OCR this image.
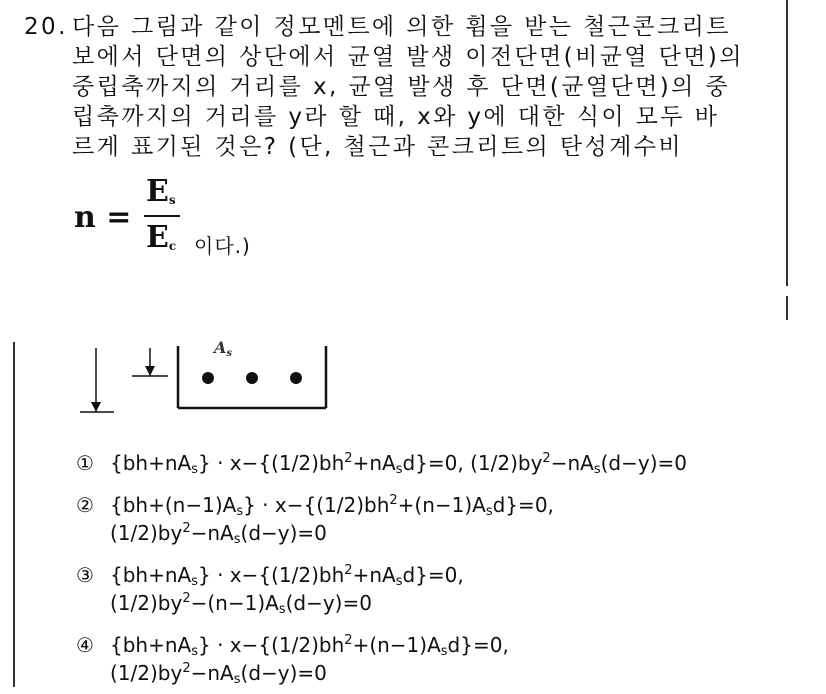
20. 다음 그림과 같이 정모멘트에 의한 휨을 받는 철근콘크리트
보에서 단면의 상단에서 균열 발생 이전단면(비균열 단면)의
중립축까지의 거리를 x, 균열 발생 후 단면(균열단면)의 중
립축까지의 거리를 y라 할 때, x와 y에 대한 식이 모두 바
르게 표기된 것은? (단, 철근과 콘크리트의 탄성계수비
n =
$E_s$
$E_c$ 이다.)
$A_s$
① $\{bh+nA_s\} \cdot x-\{(1/2)bh^2+nA_sd\}=0$, $(1/2)by^2-nA_s(d-y)=0$
② $\{bh+(n-1)A_s\} \cdot x-\{(1/2)bh^2+(n-1)A_sd\}=0$,
$(1/2)by^2-nA_s(d-y)=0$
③ $\{bh+nA_s\} \cdot x-\{(1/2)bh^2+nA_sd\}=0$,
$(1/2)by^2-(n-1)A_s(d-y)=0$
④ $\{bh+nA_s\} \cdot x-\{(1/2)bh^2+(n-1)A_sd\}=0$,
$(1/2)by^2-nA_s(d-y)=0$
